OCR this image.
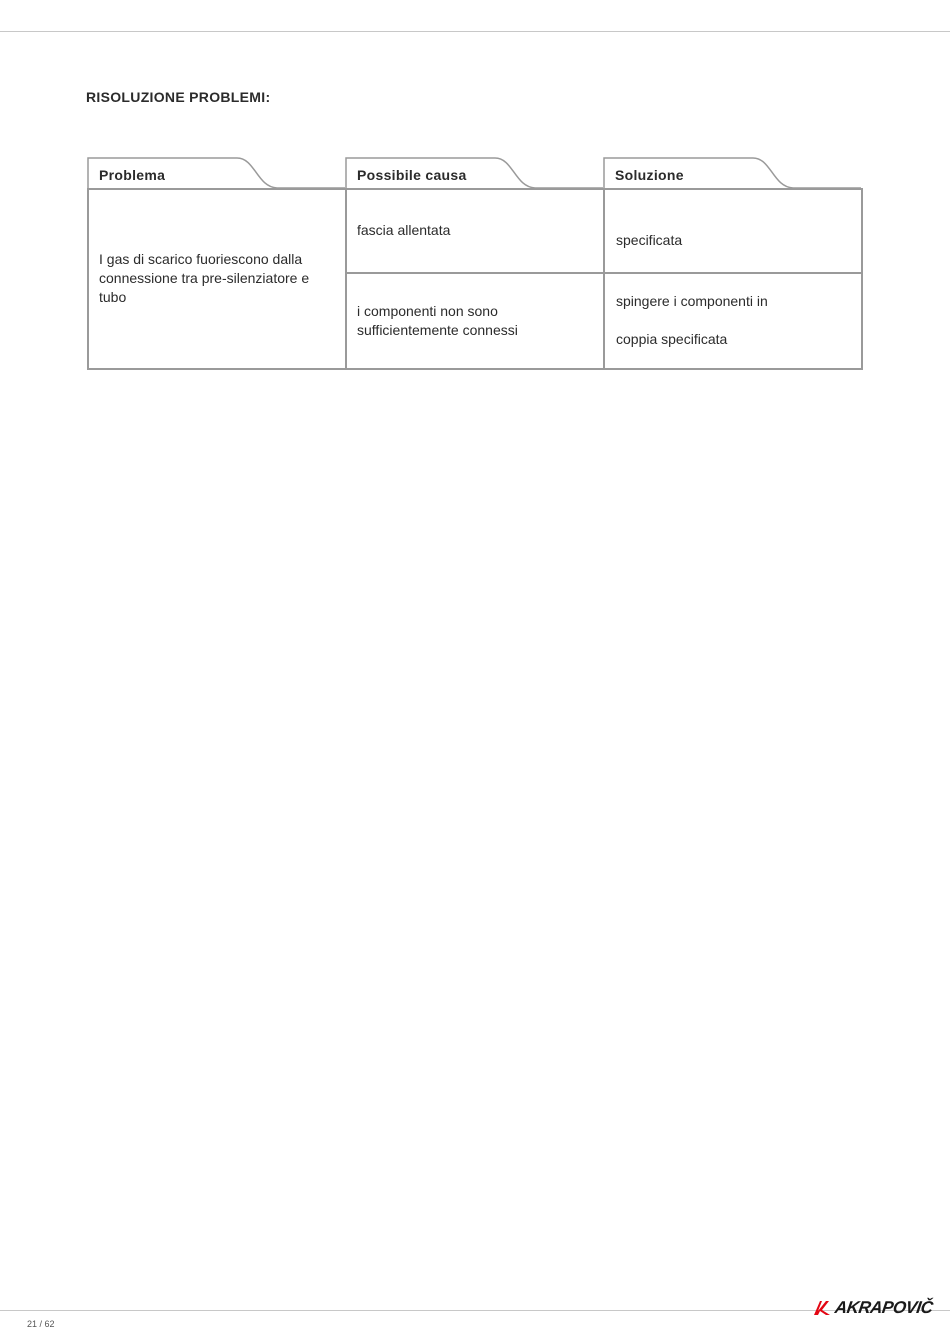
RISOLUZIONE PROBLEMI:
Problema	Possibile causa	Soluzione
I gas di scarico fuoriescono dalla connessione tra pre-silenziatore e tubo
fascia allentata
i componenti non sono
sufficientemente connessi
specificata
spingere i componenti in
coppia specificata
21 / 62
AKRAPOVIČ
